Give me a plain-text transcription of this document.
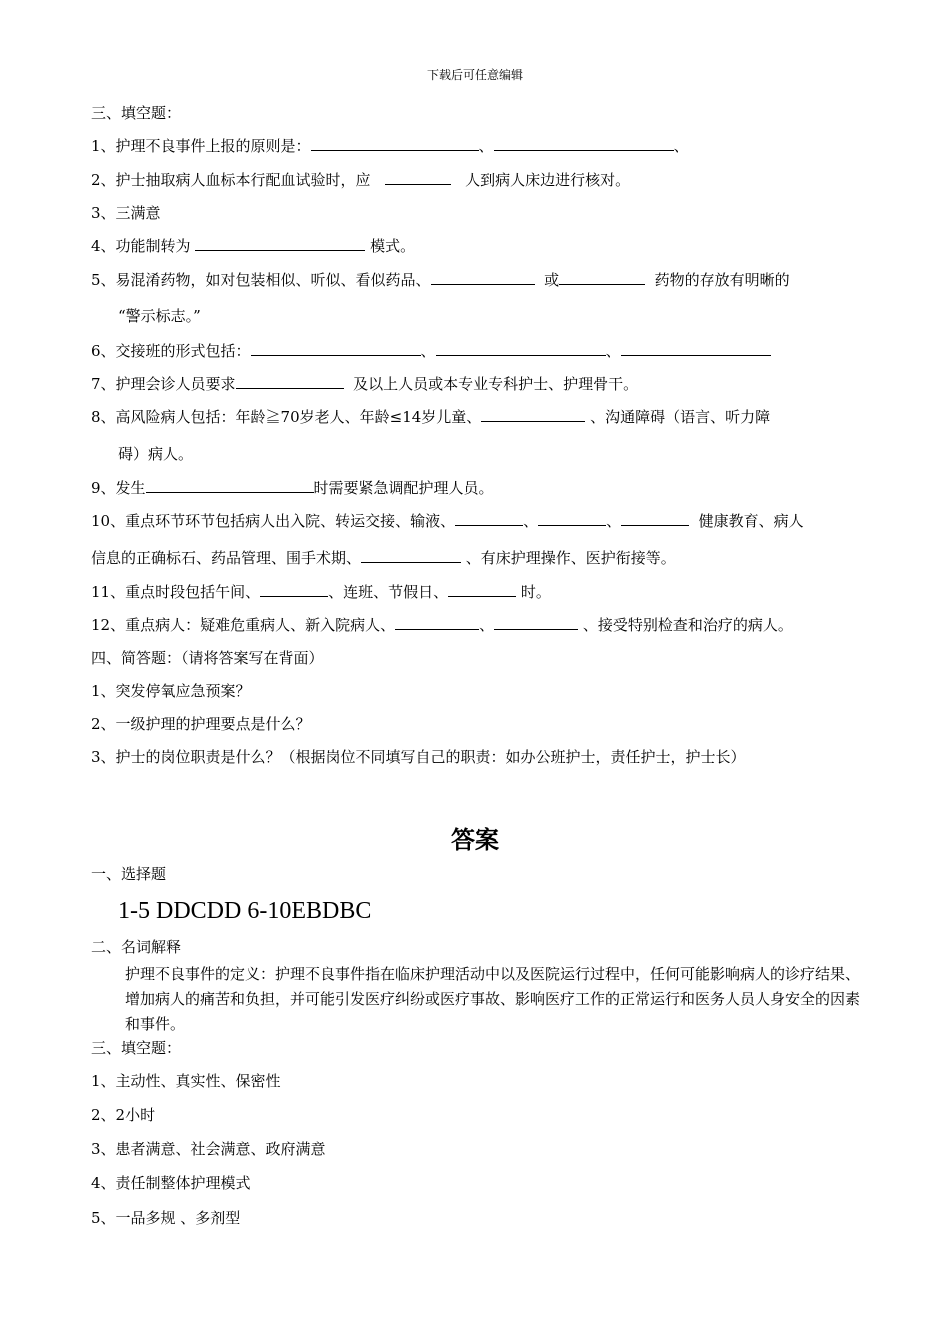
下载后可任意编辑
三、填空题：
1、护理不良事件上报的原则是：	、	、
2、护士抽取病人血标本行配血试验时，应	人到病人床边进行核对。
3、三满意
4、功能制转为	模式。
5、易混淆药物，如对包装相似、听似、看似药品、	或	药物的存放有明晰的
“警示标志。”
6、交接班的形式包括：	、	、
7、护理会诊人员要求	及以上人员或本专业专科护士、护理骨干。
8、高风险病人包括：年龄≧70岁老人、年龄≤14岁儿童、	、沟通障碍（语言、听力障
碍）病人。
9、发生	时需要紧急调配护理人员。
10、重点环节环节包括病人出入院、转运交接、输液、	、	、	健康教育、病人
信息的正确标石、药品管理、围手术期、	、有床护理操作、医护衔接等。
11、重点时段包括午间、	、连班、节假日、	时。
12、重点病人：疑难危重病人、新入院病人、	、	、接受特别检查和治疗的病人。
四、简答题：（请将答案写在背面）
1、突发停氧应急预案？
2、一级护理的护理要点是什么？
3、护士的岗位职责是什么？（根据岗位不同填写自己的职责：如办公班护士，责任护士，护士长）
答案
一、选择题
1-5 DDCDD 6-10EBDBC
二、名词解释
护理不良事件的定义：护理不良事件指在临床护理活动中以及医院运行过程中，任何可能影响病人的诊疗结果、增加病人的痛苦和负担，并可能引发医疗纠纷或医疗事故、影响医疗工作的正常运行和医务人员人身安全的因素和事件。
三、填空题：
1、主动性、真实性、保密性
2、2小时
3、患者满意、社会满意、政府满意
4、责任制整体护理模式
5、一品多规 、多剂型
